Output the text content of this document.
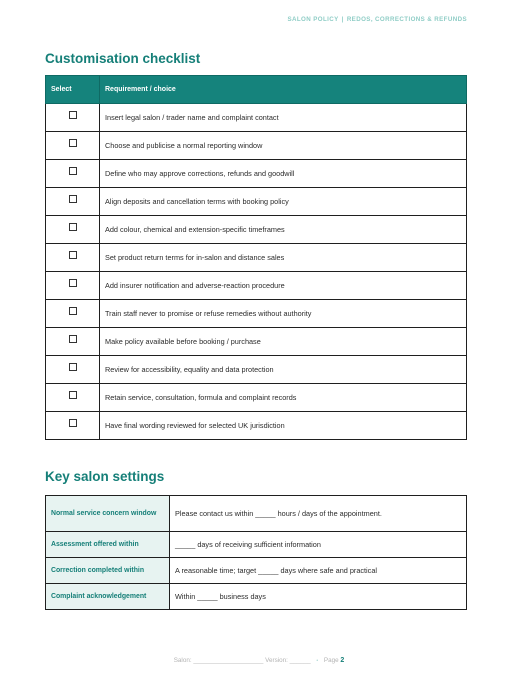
SALON POLICY | REDOS, CORRECTIONS & REFUNDS
Customisation checklist
Select	Requirement / choice
	Insert legal salon / trader name and complaint contact
	Choose and publicise a normal reporting window
	Define who may approve corrections, refunds and goodwill
	Align deposits and cancellation terms with booking policy
	Add colour, chemical and extension-specific timeframes
	Set product return terms for in-salon and distance sales
	Add insurer notification and adverse-reaction procedure
	Train staff never to promise or refuse remedies without authority
	Make policy available before booking / purchase
	Review for accessibility, equality and data protection
	Retain service, consultation, formula and complaint records
	Have final wording reviewed for selected UK jurisdiction
Key salon settings
Normal service concern window	Please contact us within _____ hours / days of the appointment.
Assessment offered within	_____ days of receiving sufficient information
Correction completed within	A reasonable time; target _____ days where safe and practical
Complaint acknowledgement	Within _____ business days
Salon: ____________________ Version: ______ • Page 2
